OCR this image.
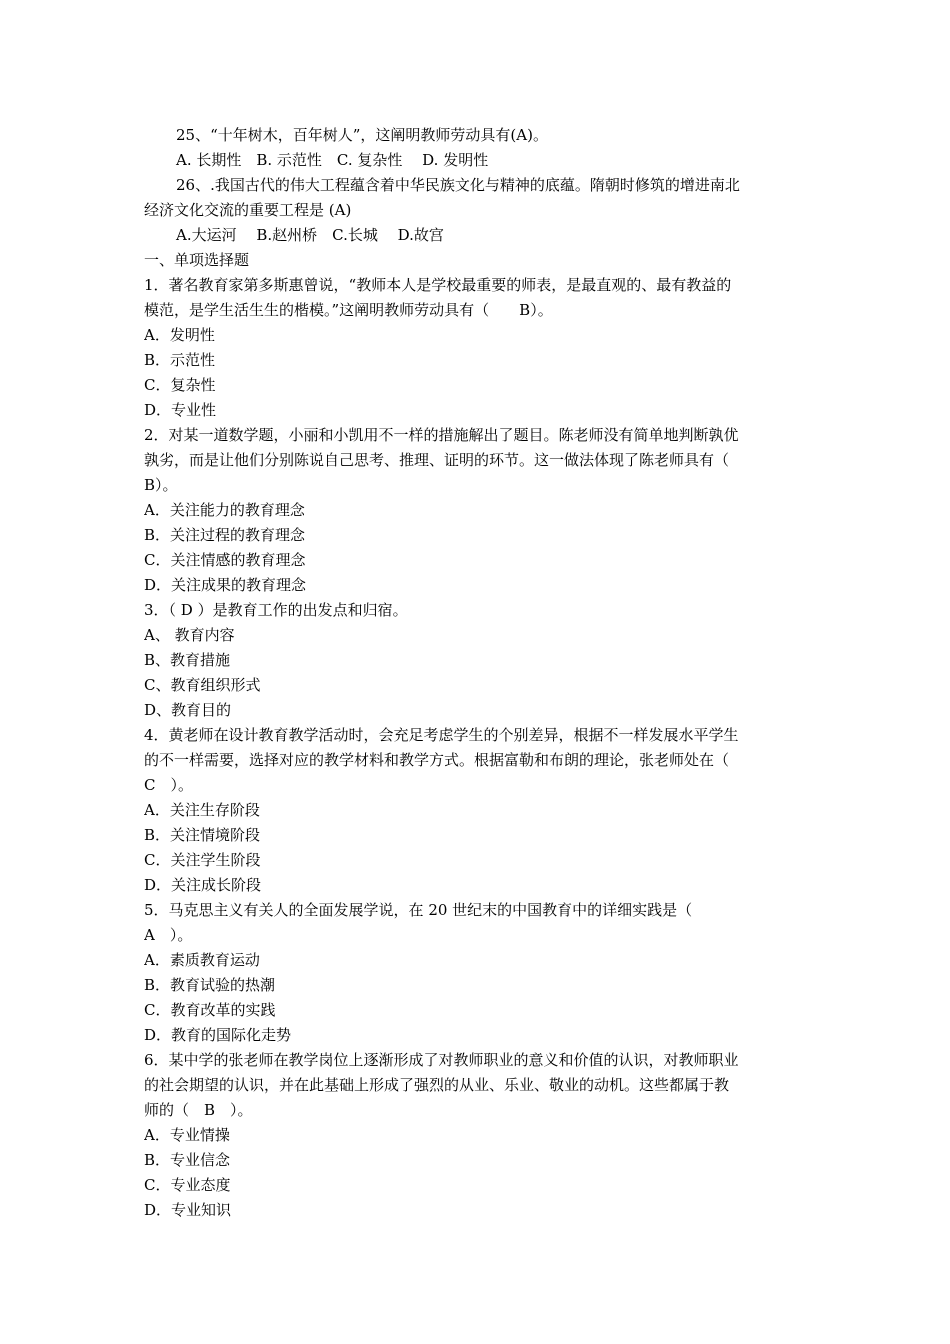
25、“十年树木，百年树人”，这阐明教师劳动具有(A)。
A. 长期性　B. 示范性　C. 复杂性　 D. 发明性
26、.我国古代的伟大工程蕴含着中华民族文化与精神的底蕴。隋朝时修筑的增进南北
经济文化交流的重要工程是 (A)
A.大运河　 B.赵州桥　C.长城　 D.故宫
一、单项选择题
1．著名教育家第多斯惠曾说，“教师本人是学校最重要的师表，是最直观的、最有教益的
模范，是学生活生生的楷模。”这阐明教师劳动具有（　　B）。
A．发明性
B．示范性
C．复杂性
D．专业性
2．对某一道数学题，小丽和小凯用不一样的措施解出了题目。陈老师没有简单地判断孰优
孰劣，而是让他们分别陈说自己思考、推理、证明的环节。这一做法体现了陈老师具有（
B）。
A．关注能力的教育理念
B．关注过程的教育理念
C．关注情感的教育理念
D．关注成果的教育理念
3．（ D ）是教育工作的出发点和归宿。
A、 教育内容
B、教育措施
C、教育组织形式
D、教育目的
4．黄老师在设计教育教学活动时，会充足考虑学生的个别差异，根据不一样发展水平学生
的不一样需要，选择对应的教学材料和教学方式。根据富勒和布朗的理论，张老师处在（
C　）。
A．关注生存阶段
B．关注情境阶段
C．关注学生阶段
D．关注成长阶段
5．马克思主义有关人的全面发展学说，在 20 世纪末的中国教育中的详细实践是（
A　）。
A．素质教育运动
B．教育试验的热潮
C．教育改革的实践
D．教育的国际化走势
6．某中学的张老师在教学岗位上逐渐形成了对教师职业的意义和价值的认识，对教师职业
的社会期望的认识，并在此基础上形成了强烈的从业、乐业、敬业的动机。这些都属于教
师的（　B　）。
A．专业情操
B．专业信念
C．专业态度
D．专业知识
